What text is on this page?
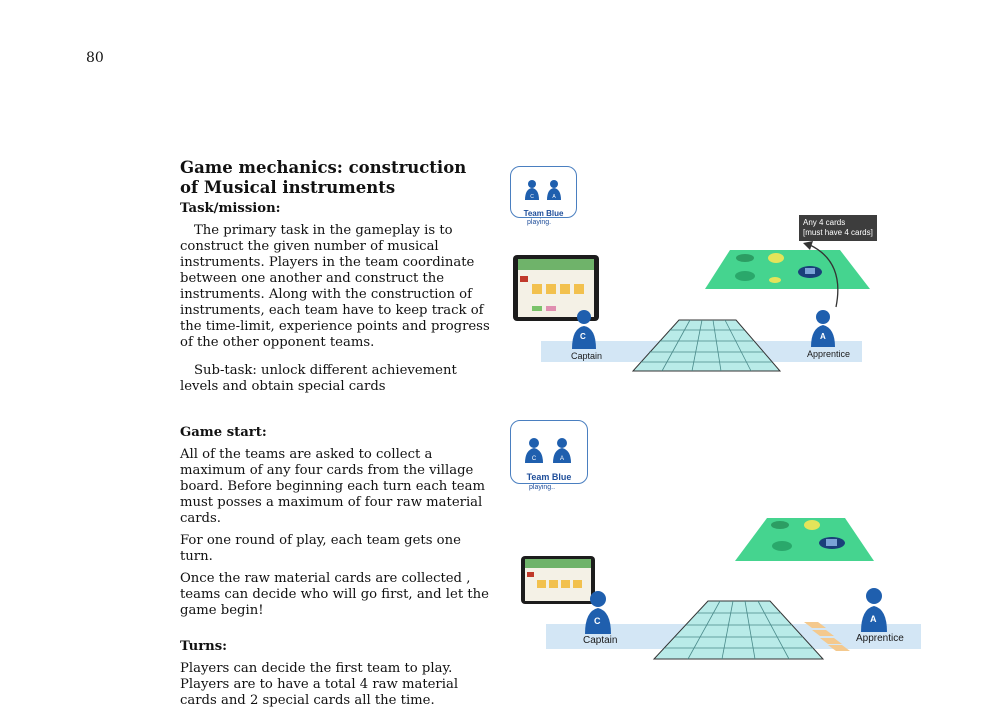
80
Game mechanics: construction of Musical instruments
Task/mission:

The primary task in the gameplay is to construct the given number of musical instruments. Players in the team coordinate between one another and construct the instruments. Along with the construction of instruments, each team have to keep track of the time-limit, experience points and progress of the other opponent teams.

Sub-task: unlock different achievement levels and obtain special cards

Game start:

All of the teams are asked to collect a maximum of any four cards from the village board. Before beginning each turn each team must posses a maximum of four raw material cards.

For one round of play, each team gets one turn.

Once the raw material cards are collected , teams can decide who will go first, and let the game begin!

Turns:

Players can decide the first team to play. Players are to have a total 4 raw material cards and 2 special cards all the time.

C	A
Team Blue
playing.	Any 4 cards
[must have 4 cards]
C	A
Captain	Apprentice
C	A
Team Blue
playing..
C	A
Captain	Apprentice
